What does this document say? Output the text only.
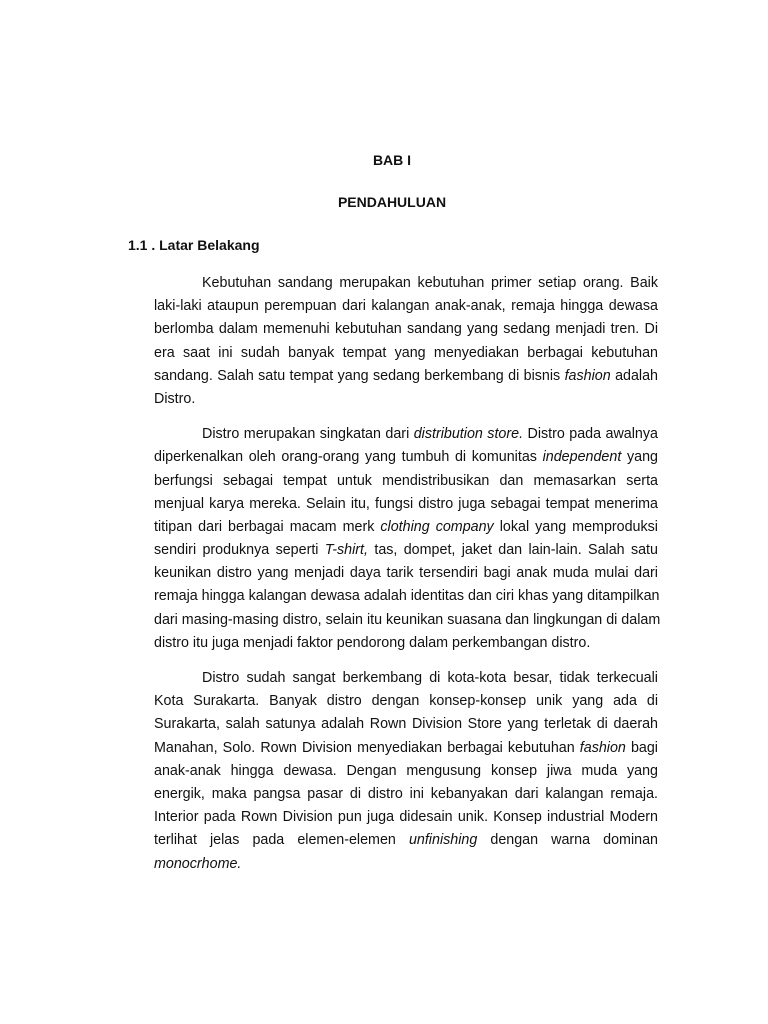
BAB I
PENDAHULUAN
1.1 . Latar Belakang
Kebutuhan sandang merupakan kebutuhan primer setiap orang. Baik
laki-laki ataupun perempuan dari kalangan anak-anak, remaja hingga dewasa
berlomba dalam memenuhi kebutuhan sandang yang sedang menjadi tren. Di
era saat ini sudah banyak tempat yang menyediakan berbagai kebutuhan
sandang. Salah satu tempat yang sedang berkembang di bisnis fashion adalah
Distro.
Distro merupakan singkatan dari distribution store. Distro pada awalnya
diperkenalkan oleh orang-orang yang tumbuh di komunitas independent yang
berfungsi sebagai tempat untuk mendistribusikan dan memasarkan serta
menjual karya mereka. Selain itu, fungsi distro juga sebagai tempat menerima
titipan dari berbagai macam merk clothing company lokal yang memproduksi
sendiri produknya seperti T-shirt, tas, dompet, jaket dan lain-lain. Salah satu
keunikan distro yang menjadi daya tarik tersendiri bagi anak muda mulai dari
remaja hingga kalangan dewasa adalah identitas dan ciri khas yang ditampilkan
dari masing-masing distro, selain itu keunikan suasana dan lingkungan di dalam
distro itu juga menjadi faktor pendorong dalam perkembangan distro.
Distro sudah sangat berkembang di kota-kota besar, tidak terkecuali
Kota Surakarta. Banyak distro dengan konsep-konsep unik yang ada di
Surakarta, salah satunya adalah Rown Division Store yang terletak di daerah
Manahan, Solo. Rown Division menyediakan berbagai kebutuhan fashion bagi
anak-anak hingga dewasa. Dengan mengusung konsep jiwa muda yang
energik, maka pangsa pasar di distro ini kebanyakan dari kalangan remaja.
Interior pada Rown Division pun juga didesain unik. Konsep industrial Modern
terlihat jelas pada elemen-elemen unfinishing dengan warna dominan
monocrhome.
